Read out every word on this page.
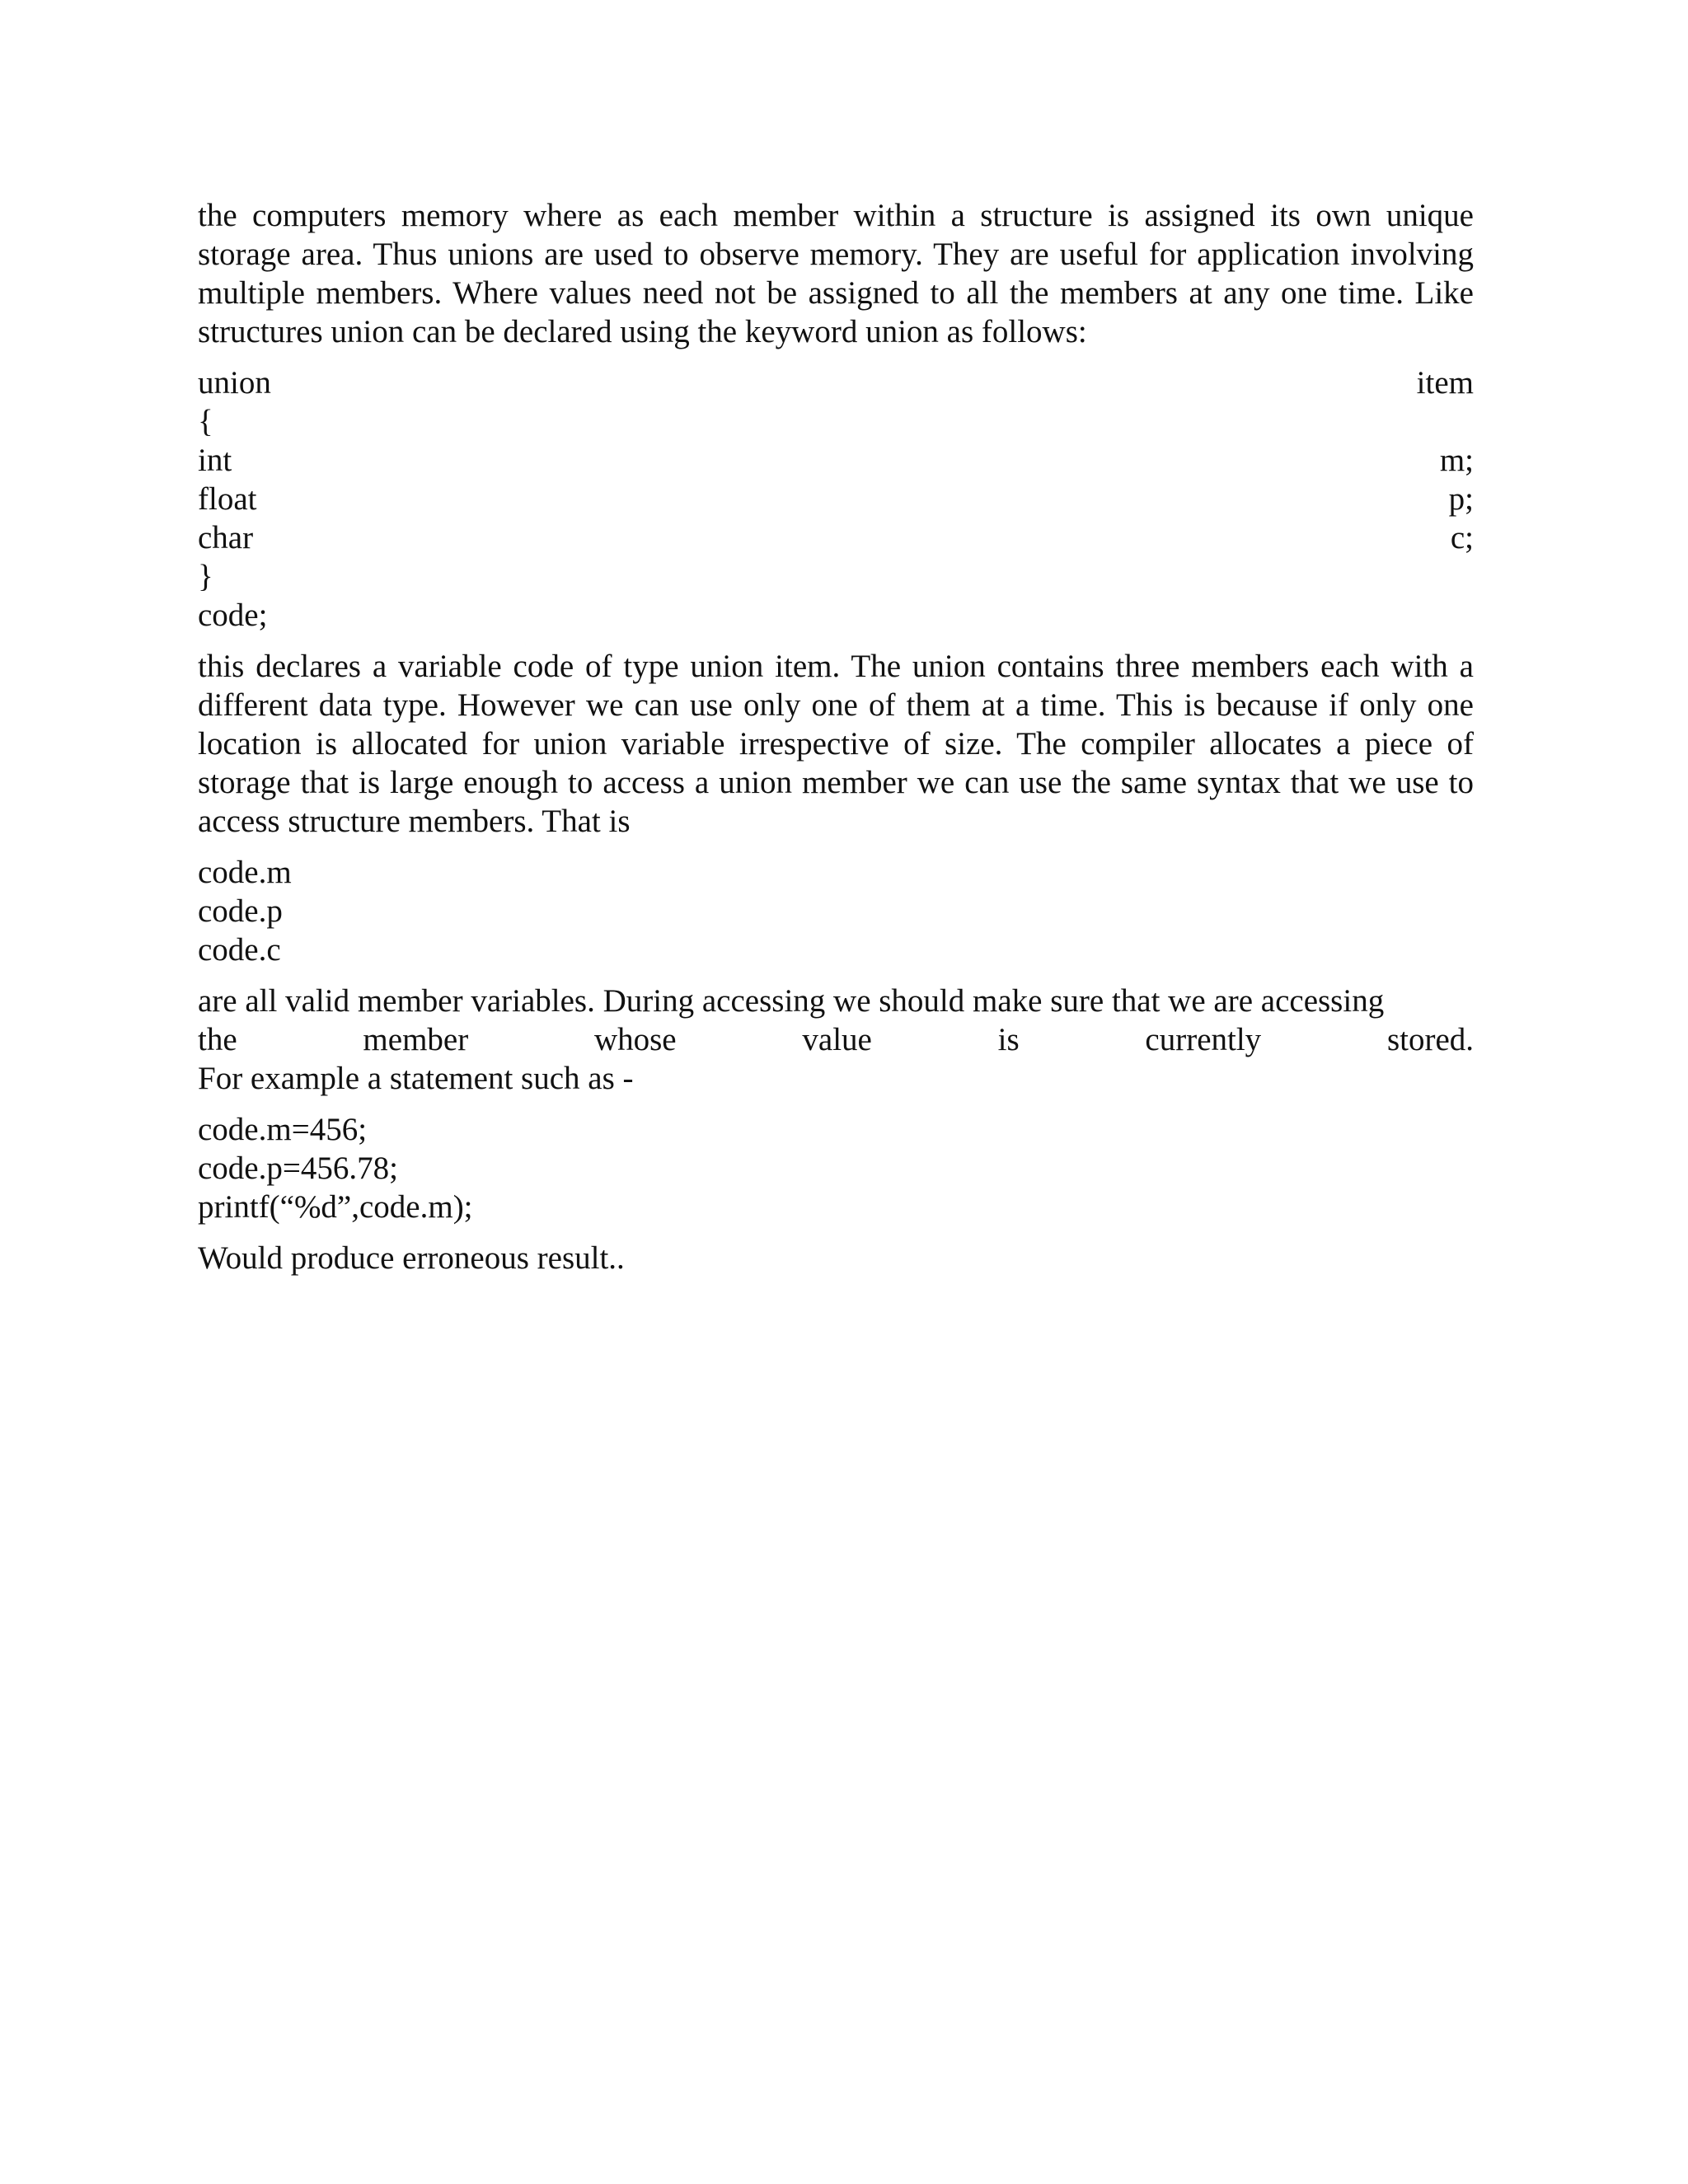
the computers memory where as each member within a structure is assigned its own unique storage area. Thus unions are used to observe memory. They are useful for application involving multiple members. Where values need not be assigned to all the members at any one time. Like structures union can be declared using the keyword union as follows:

union	item
{
int	m;
float	p;
char	c;
}
code;

this declares a variable code of type union item. The union contains three members each with a different data type. However we can use only one of them at a time. This is because if only one location is allocated for union variable irrespective of size. The compiler allocates a piece of storage that is large enough to access a union member we can use the same syntax that we use to access structure members. That is

code.m
code.p
code.c
are all valid member variables. During accessing we should make sure that we are accessing
the	member	whose	value	is	currently	stored.
For example a statement such as -
code.m=456;
code.p=456.78;
printf(“%d”,code.m);
Would produce erroneous result..
